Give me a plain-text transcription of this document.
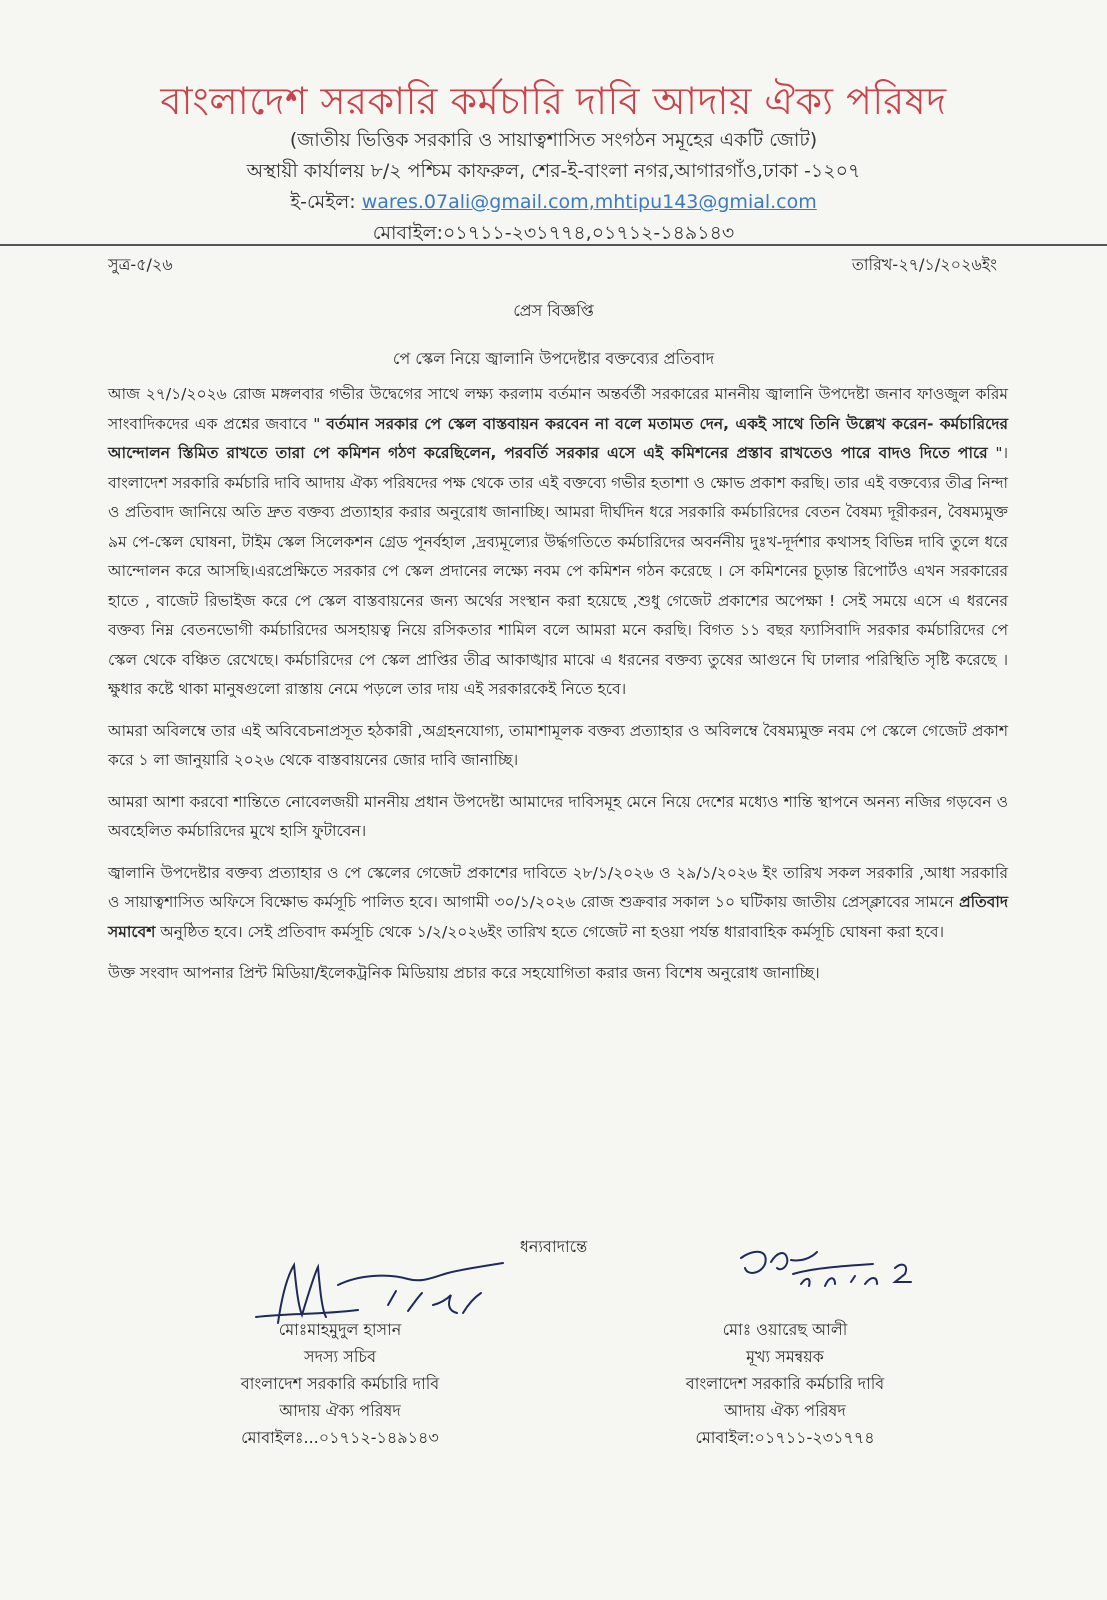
বাংলাদেশ সরকারি কর্মচারি দাবি আদায় ঐক্য পরিষদ
(জাতীয় ভিত্তিক সরকারি ও সায়াত্বশাসিত সংগঠন সমূহের একটি জোট)
অস্থায়ী কার্যালয় ৮/২ পশ্চিম কাফরুল, শের-ই-বাংলা নগর,আগারগাঁও,ঢাকা -১২০৭
ই-মেইল: wares.07ali@gmail.com,mhtipu143@gmial.com
মোবাইল:০১৭১১-২৩১৭৭৪,০১৭১২-১৪৯১৪৩
সুত্র-৫/২৬	তারিখ-২৭/১/২০২৬ইং
প্রেস বিজ্ঞপ্তি
পে স্কেল নিয়ে জ্বালানি উপদেষ্টার বক্তব্যের প্রতিবাদ

আজ ২৭/১/২০২৬ রোজ মঙ্গলবার গভীর উদ্বেগের সাথে লক্ষ্য করলাম বর্তমান অন্তর্বর্তী সরকারের মাননীয় জ্বালানি উপদেষ্টা জনাব ফাওজুল করিম সাংবাদিকদের এক প্রশ্নের জবাবে " বর্তমান সরকার পে স্কেল বাস্তবায়ন করবেন না বলে মতামত দেন, একই সাথে তিনি উল্লেখ করেন- কর্মচারিদের আন্দোলন স্তিমিত রাখতে তারা পে কমিশন গঠণ করেছিলেন, পরবর্তি সরকার এসে এই কমিশনের প্রস্তাব রাখতেও পারে বাদও দিতে পারে "।বাংলাদেশ সরকারি কর্মচারি দাবি আদায় ঐক্য পরিষদের পক্ষ থেকে তার এই বক্তব্যে গভীর হতাশা ও ক্ষোভ প্রকাশ করছি। তার এই বক্তব্যের তীব্র নিন্দা ও প্রতিবাদ জানিয়ে অতি দ্রুত বক্তব্য প্রত্যাহার করার অনুরোধ জানাচ্ছি। আমরা দীর্ঘদিন ধরে সরকারি কর্মচারিদের বেতন বৈষম্য দূরীকরন, বৈষম্যমুক্ত ৯ম পে-স্কেল ঘোষনা, টাইম স্কেল সিলেকশন গ্রেড পূনর্বহাল ,দ্রব্যমূল্যের উর্দ্ধগতিতে কর্মচারিদের অবর্ননীয় দুঃখ-দূর্দশার কথাসহ বিভিন্ন দাবি তুলে ধরে আন্দোলন করে আসছি।এরপ্রেক্ষিতে সরকার পে স্কেল প্রদানের লক্ষ্যে নবম পে কমিশন গঠন করেছে । সে কমিশনের চূড়ান্ত রিপোর্টও এখন সরকারের হাতে , বাজেট রিভাইজ করে পে স্কেল বাস্তবায়নের জন্য অর্থের সংস্থান করা হয়েছে ,শুধু গেজেট প্রকাশের অপেক্ষা ! সেই সময়ে এসে এ ধরনের বক্তব্য নিম্ন বেতনভোগী কর্মচারিদের অসহায়ত্ব নিয়ে রসিকতার শামিল বলে আমরা মনে করছি। বিগত ১১ বছর ফ্যাসিবাদি সরকার কর্মচারিদের পে স্কেল থেকে বঞ্চিত রেখেছে। কর্মচারিদের পে স্কেল প্রাপ্তির তীব্র আকাঙ্খার মাঝে এ ধরনের বক্তব্য তুষের আগুনে ঘি ঢালার পরিস্থিতি সৃষ্টি করেছে । ক্ষুধার কষ্টে থাকা মানুষগুলো রাস্তায় নেমে পড়লে তার দায় এই সরকারকেই নিতে হবে।

আমরা অবিলম্বে তার এই অবিবেচনাপ্রসূত হঠকারী ,অগ্রহনযোগ্য, তামাশামূলক বক্তব্য প্রত্যাহার ও অবিলম্বে বৈষম্যমুক্ত নবম পে স্কেলে গেজেট প্রকাশ করে ১ লা জানুয়ারি ২০২৬ থেকে বাস্তবায়নের জোর দাবি জানাচ্ছি।

আমরা আশা করবো শান্তিতে নোবেলজয়ী মাননীয় প্রধান উপদেষ্টা আমাদের দাবিসমূহ মেনে নিয়ে দেশের মধ্যেও শান্তি স্থাপনে অনন্য নজির গড়বেন ও অবহেলিত কর্মচারিদের মুখে হাসি ফুটাবেন।

জ্বালানি উপদেষ্টার বক্তব্য প্রত্যাহার ও পে স্কেলের গেজেট প্রকাশের দাবিতে ২৮/১/২০২৬ ও ২৯/১/২০২৬ ইং তারিখ সকল সরকারি ,আধা সরকারি ও সায়াত্বশাসিত অফিসে বিক্ষোভ কর্মসূচি পালিত হবে। আগামী ৩০/১/২০২৬ রোজ শুক্রবার সকাল ১০ ঘটিকায় জাতীয় প্রেস্ক্লাবের সামনে প্রতিবাদ সমাবেশ অনুষ্ঠিত হবে। সেই প্রতিবাদ কর্মসূচি থেকে ১/২/২০২৬ইং তারিখ হতে গেজেট না হওয়া পর্যন্ত ধারাবাহিক কর্মসূচি ঘোষনা করা হবে।

উক্ত সংবাদ আপনার প্রিন্ট মিডিয়া/ইলেকট্রনিক মিডিয়ায় প্রচার করে সহযোগিতা করার জন্য বিশেষ অনুরোধ জানাচ্ছি।

ধন্যবাদান্তে
মোঃমাহমুদুল হাসান
সদস্য সচিব
বাংলাদেশ সরকারি কর্মচারি দাবি
আদায় ঐক্য পরিষদ
মোবাইলঃ...০১৭১২-১৪৯১৪৩
মোঃ ওয়ারেছ আলী
মূখ্য সমন্বয়ক
বাংলাদেশ সরকারি কর্মচারি দাবি
আদায় ঐক্য পরিষদ
মোবাইল:০১৭১১-২৩১৭৭৪
